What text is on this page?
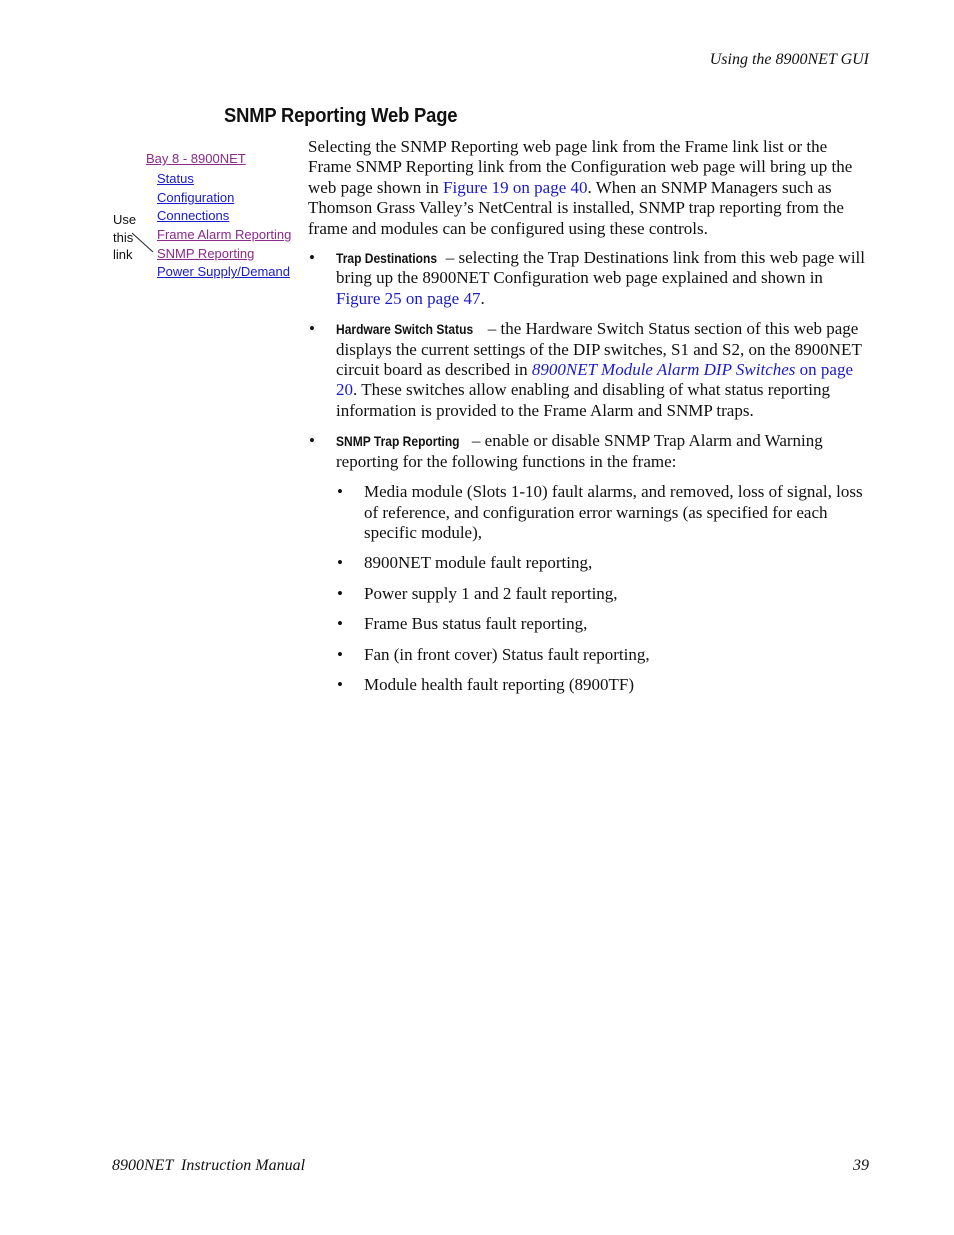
Using the 8900NET GUI
SNMP Reporting Web Page
Bay 8 - 8900NET
Status
Configuration
Connections
Frame Alarm Reporting
SNMP Reporting
Power Supply/Demand
Use
this
link

Selecting the SNMP Reporting web page link from the Frame link list or the Frame SNMP Reporting link from the Configuration web page will bring up the web page shown in Figure 19 on page 40. When an SNMP Managers such as Thomson Grass Valley’s NetCentral is installed, SNMP trap reporting from the frame and modules can be configured using these controls.

• Trap Destinations – selecting the Trap Destinations link from this web page will bring up the 8900NET Configuration web page explained and shown in Figure 25 on page 47.
• Hardware Switch Status – the Hardware Switch Status section of this web page displays the current settings of the DIP switches, S1 and S2, on the 8900NET circuit board as described in 8900NET Module Alarm DIP Switches on page 20. These switches allow enabling and disabling of what status reporting information is provided to the Frame Alarm and SNMP traps.
• SNMP Trap Reporting – enable or disable SNMP Trap Alarm and Warning reporting for the following functions in the frame:
• Media module (Slots 1-10) fault alarms, and removed, loss of signal, loss of reference, and configuration error warnings (as specified for each specific module),
• 8900NET module fault reporting,
• Power supply 1 and 2 fault reporting,
• Frame Bus status fault reporting,
• Fan (in front cover) Status fault reporting,
• Module health fault reporting (8900TF)
8900NET  Instruction Manual	39
